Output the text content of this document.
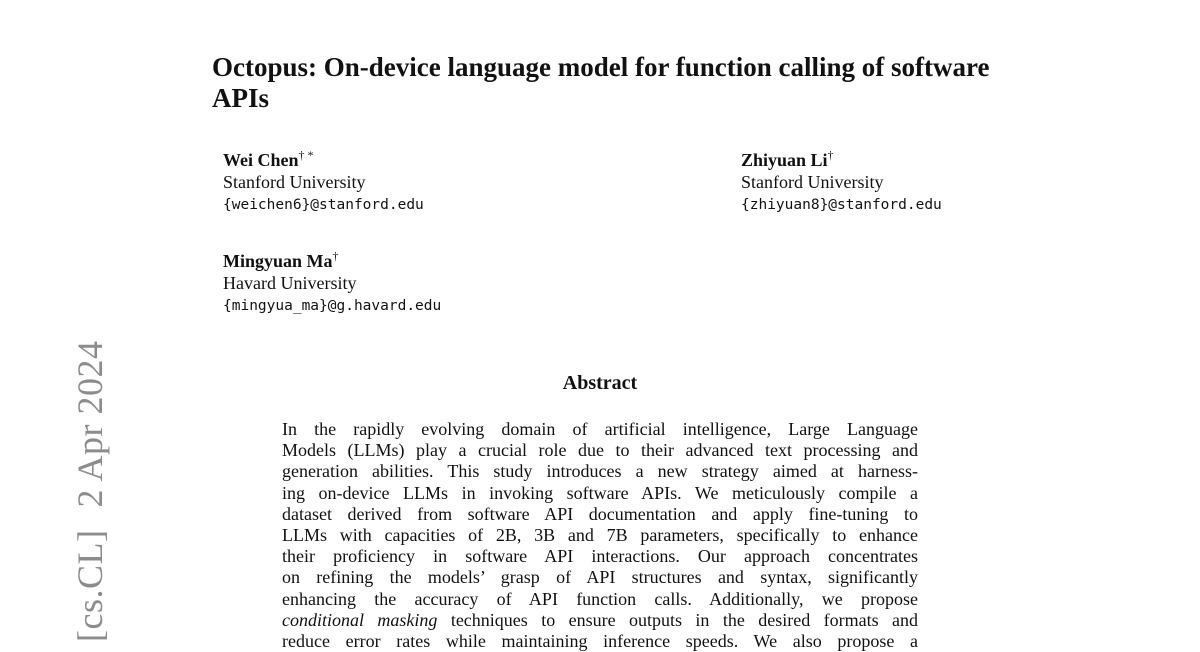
[cs.CL]2 Apr 2024
Octopus: On-device language model for function calling of software APIs
Wei Chen† *
Stanford University
{weichen6}@stanford.edu
Zhiyuan Li†
Stanford University
{zhiyuan8}@stanford.edu
Mingyuan Ma†
Havard University
{mingyua_ma}@g.havard.edu
Abstract
In the rapidly evolving domain of artificial intelligence, Large Language
Models (LLMs) play a crucial role due to their advanced text processing and
generation abilities. This study introduces a new strategy aimed at harness-
ing on-device LLMs in invoking software APIs. We meticulously compile a
dataset derived from software API documentation and apply fine-tuning to
LLMs with capacities of 2B, 3B and 7B parameters, specifically to enhance
their proficiency in software API interactions. Our approach concentrates
on refining the models’ grasp of API structures and syntax, significantly
enhancing the accuracy of API function calls. Additionally, we propose
conditional masking techniques to ensure outputs in the desired formats and
reduce error rates while maintaining inference speeds. We also propose a
